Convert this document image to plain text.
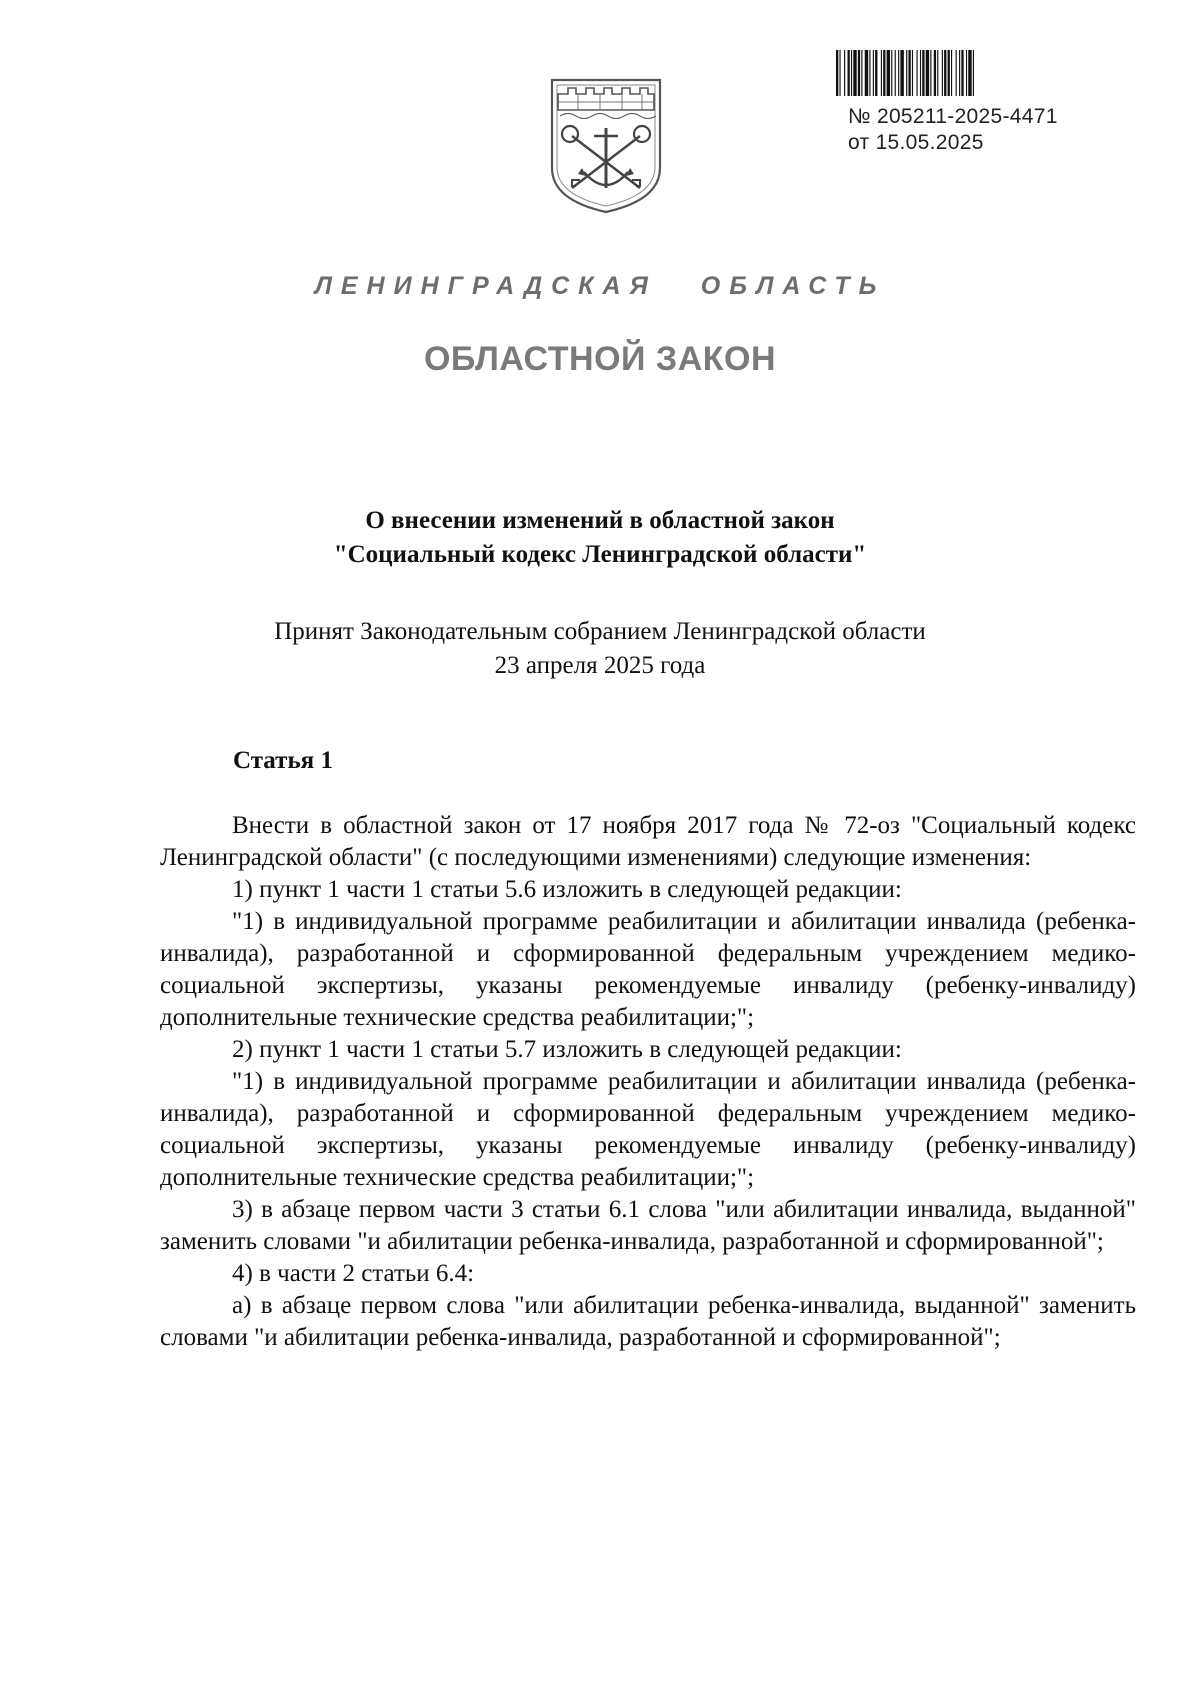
№ 205211-2025-4471
от 15.05.2025
ЛЕНИНГРАДСКАЯ ОБЛАСТЬ
ОБЛАСТНОЙ ЗАКОН
О внесении изменений в областной закон
"Социальный кодекс Ленинградской области"
Принят Законодательным собранием Ленинградской области
23 апреля 2025 года
Статья 1

Внести в областной закон от 17 ноября 2017 года № 72-оз "Социальный кодекс Ленинградской области" (с последующими изменениями) следующие изменения:

1) пункт 1 части 1 статьи 5.6 изложить в следующей редакции:

"1) в индивидуальной программе реабилитации и абилитации инвалида (ребенка-инвалида), разработанной и сформированной федеральным учреждением медико-социальной экспертизы, указаны рекомендуемые инвалиду (ребенку-инвалиду) дополнительные технические средства реабилитации;";

2) пункт 1 части 1 статьи 5.7 изложить в следующей редакции:

"1) в индивидуальной программе реабилитации и абилитации инвалида (ребенка-инвалида), разработанной и сформированной федеральным учреждением медико-социальной экспертизы, указаны рекомендуемые инвалиду (ребенку-инвалиду) дополнительные технические средства реабилитации;";

3) в абзаце первом части 3 статьи 6.1 слова "или абилитации инвалида, выданной" заменить словами "и абилитации ребенка-инвалида, разработанной и сформированной";

4) в части 2 статьи 6.4:

а) в абзаце первом слова "или абилитации ребенка-инвалида, выданной" заменить словами "и абилитации ребенка-инвалида, разработанной и сформированной";
